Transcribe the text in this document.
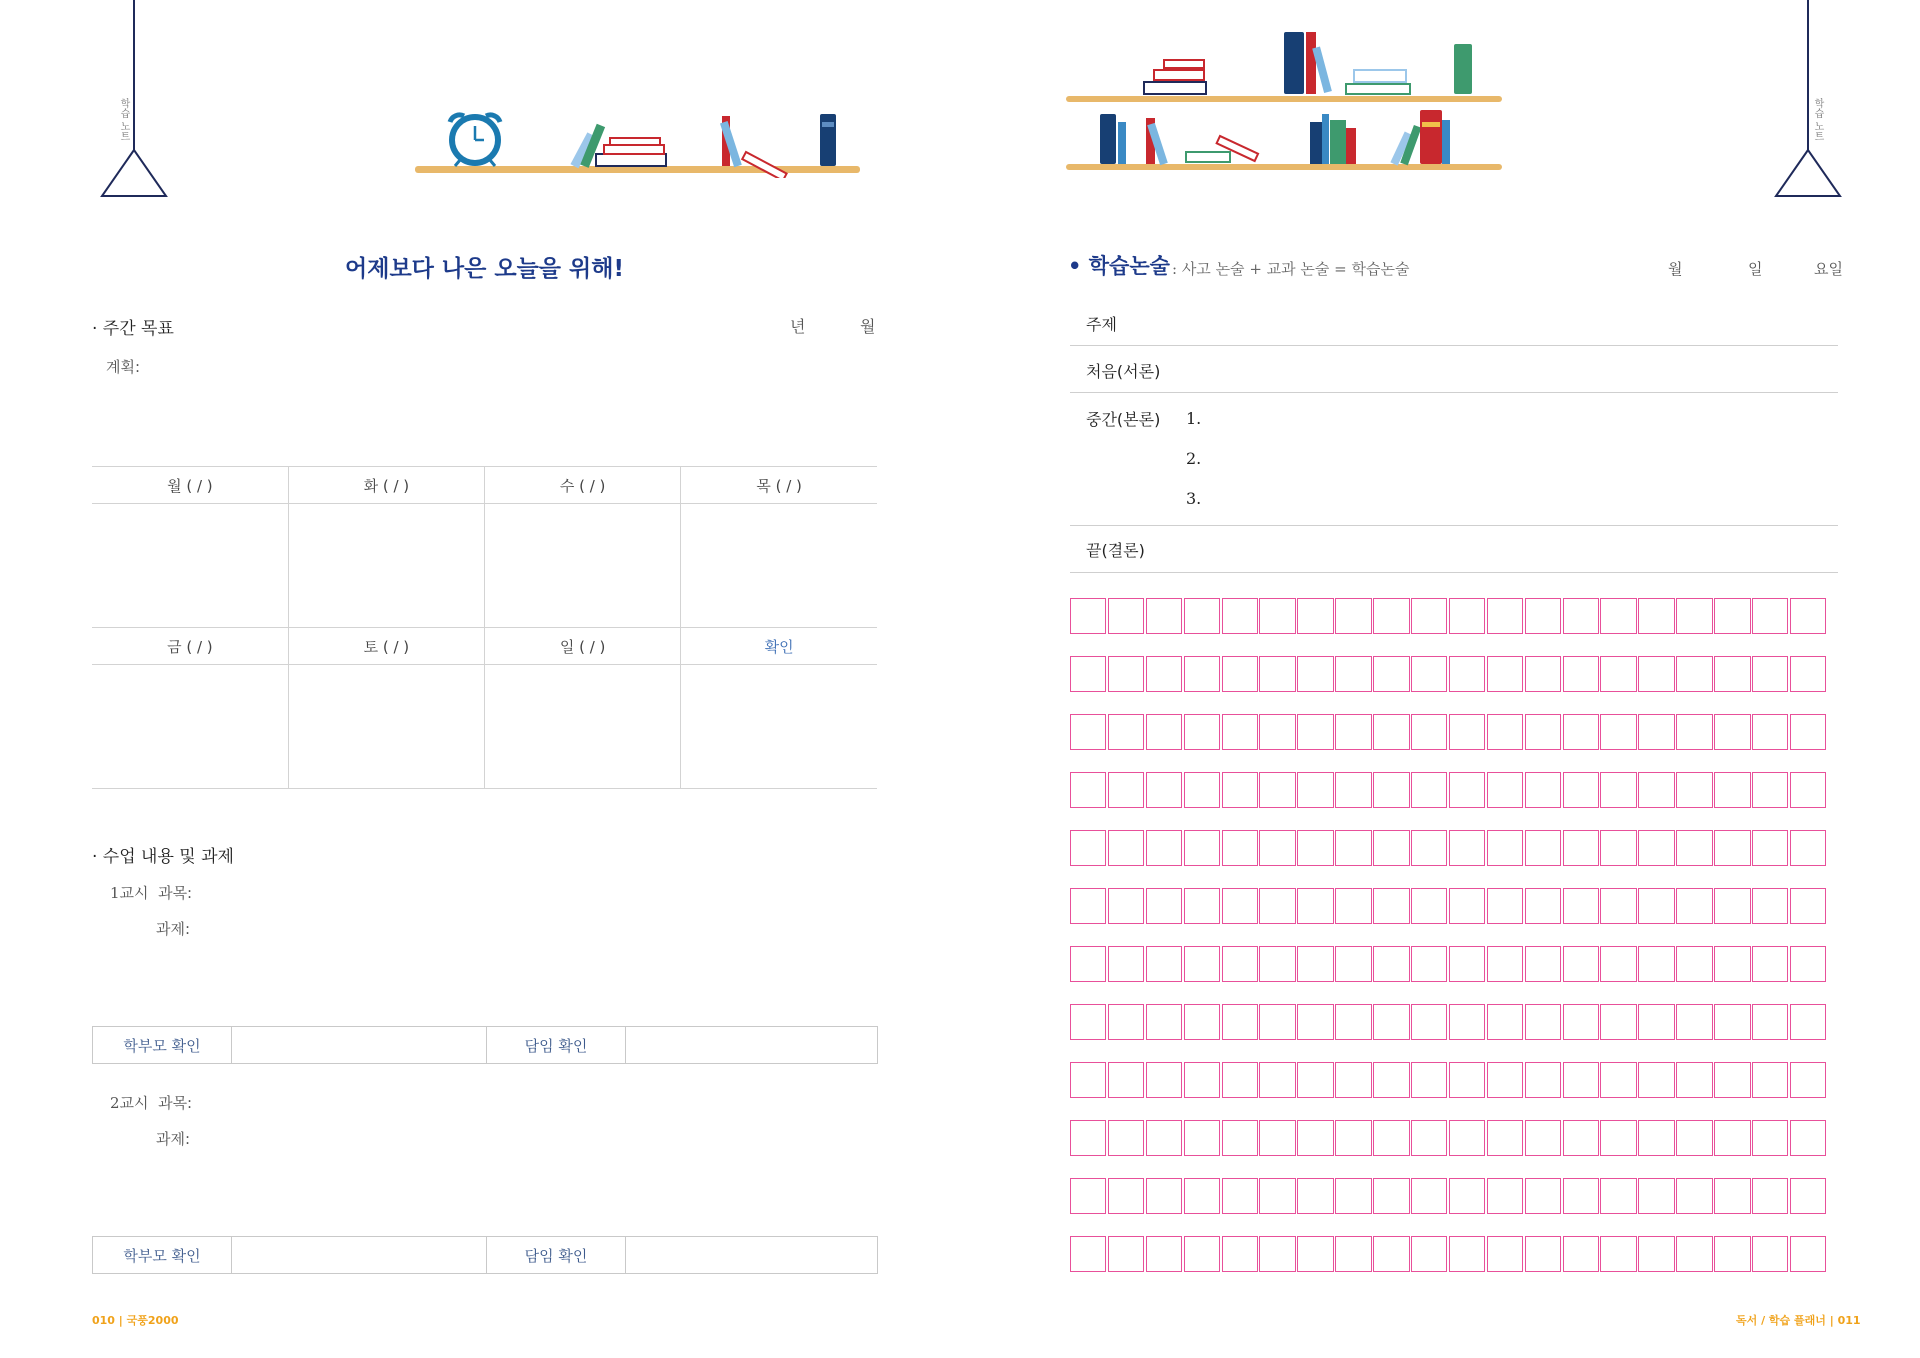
학습 노트	학습 노트
어제보다 나은 오늘을 위해!
· 주간 목표	년	월
계획:
월 ( / )	화 ( / )	수 ( / )	목 ( / )

금 ( / )	토 ( / )	일 ( / )	확인

· 수업 내용 및 과제
1교시 과목:
과제:
학부모 확인	담임 확인
2교시 과목:
과제:
학부모 확인	담임 확인
010 | 국풍2000
• 학습논술 : 사고 논술 + 교과 논술 = 학습논술	월	일	요일
주제
처음(서론)
중간(본론) 1.
2.
3.
끝(결론)
독서 / 학습 플래너 | 011
